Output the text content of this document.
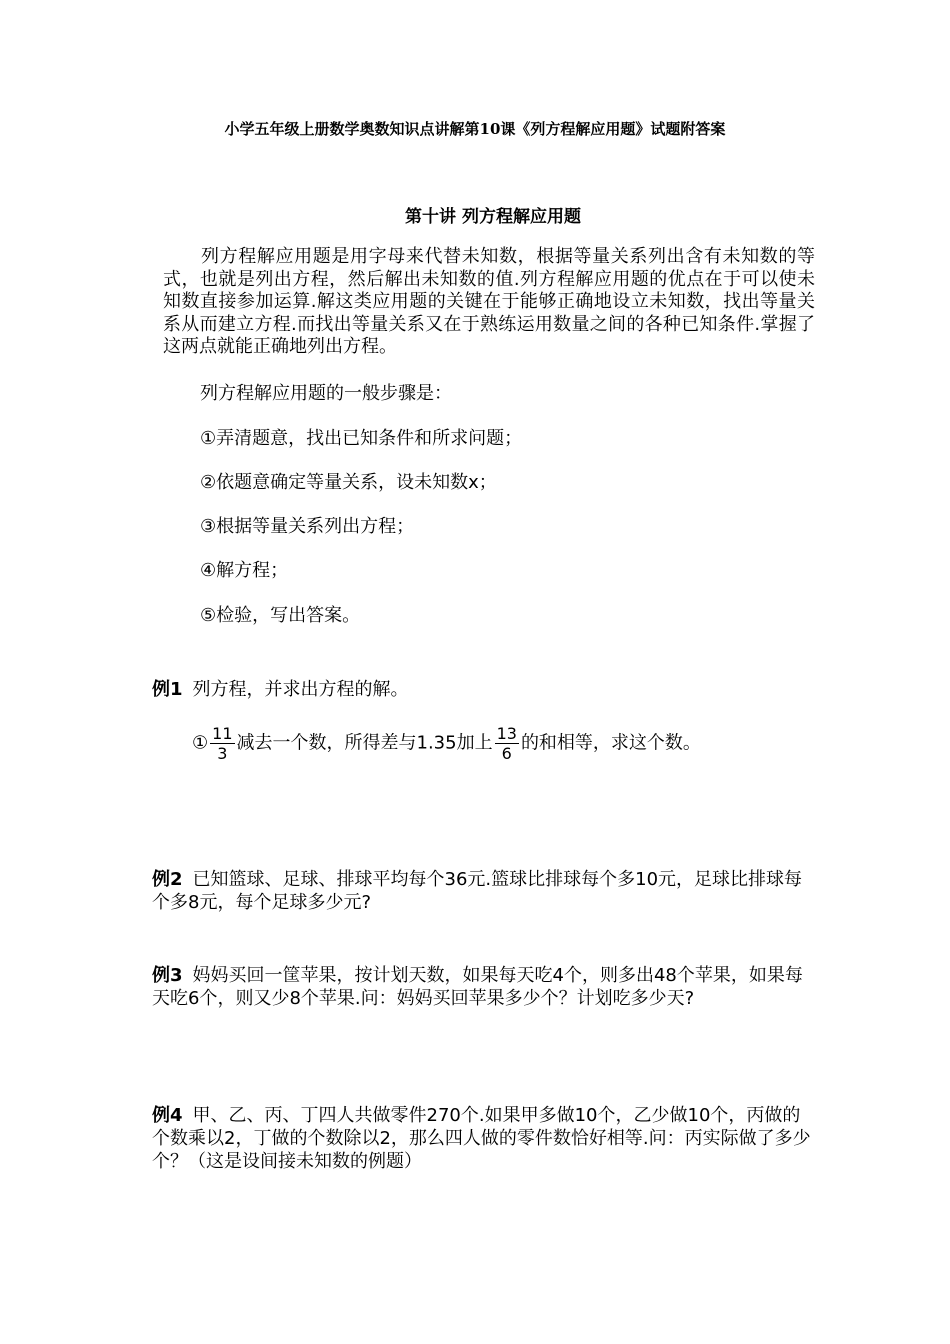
小学五年级上册数学奥数知识点讲解第10课《列方程解应用题》试题附答案
第十讲 列方程解应用题
列方程解应用题是用字母来代替未知数，根据等量关系列出含有未知数的等式，也就是列出方程，然后解出未知数的值.列方程解应用题的优点在于可以使未知数直接参加运算.解这类应用题的关键在于能够正确地设立未知数，找出等量关系从而建立方程.而找出等量关系又在于熟练运用数量之间的各种已知条件.掌握了这两点就能正确地列出方程。
列方程解应用题的一般步骤是：
①弄清题意，找出已知条件和所求问题；
②依题意确定等量关系，设未知数x；
③根据等量关系列出方程；
④解方程；
⑤检验，写出答案。
例1 列方程，并求出方程的解。
① $\frac{11}{3}$ 减去一个数，所得差与1.35加上 $\frac{13}{6}$ 的和相等，求这个数。
例2 已知篮球、足球、排球平均每个36元.篮球比排球每个多10元，足球比排球每个多8元，每个足球多少元?
例3 妈妈买回一筐苹果，按计划天数，如果每天吃4个，则多出48个苹果，如果每天吃6个，则又少8个苹果.问：妈妈买回苹果多少个？计划吃多少天?
例4 甲、乙、丙、丁四人共做零件270个.如果甲多做10个，乙少做10个，丙做的个数乘以2，丁做的个数除以2，那么四人做的零件数恰好相等.问：丙实际做了多少个？（这是设间接未知数的例题）
